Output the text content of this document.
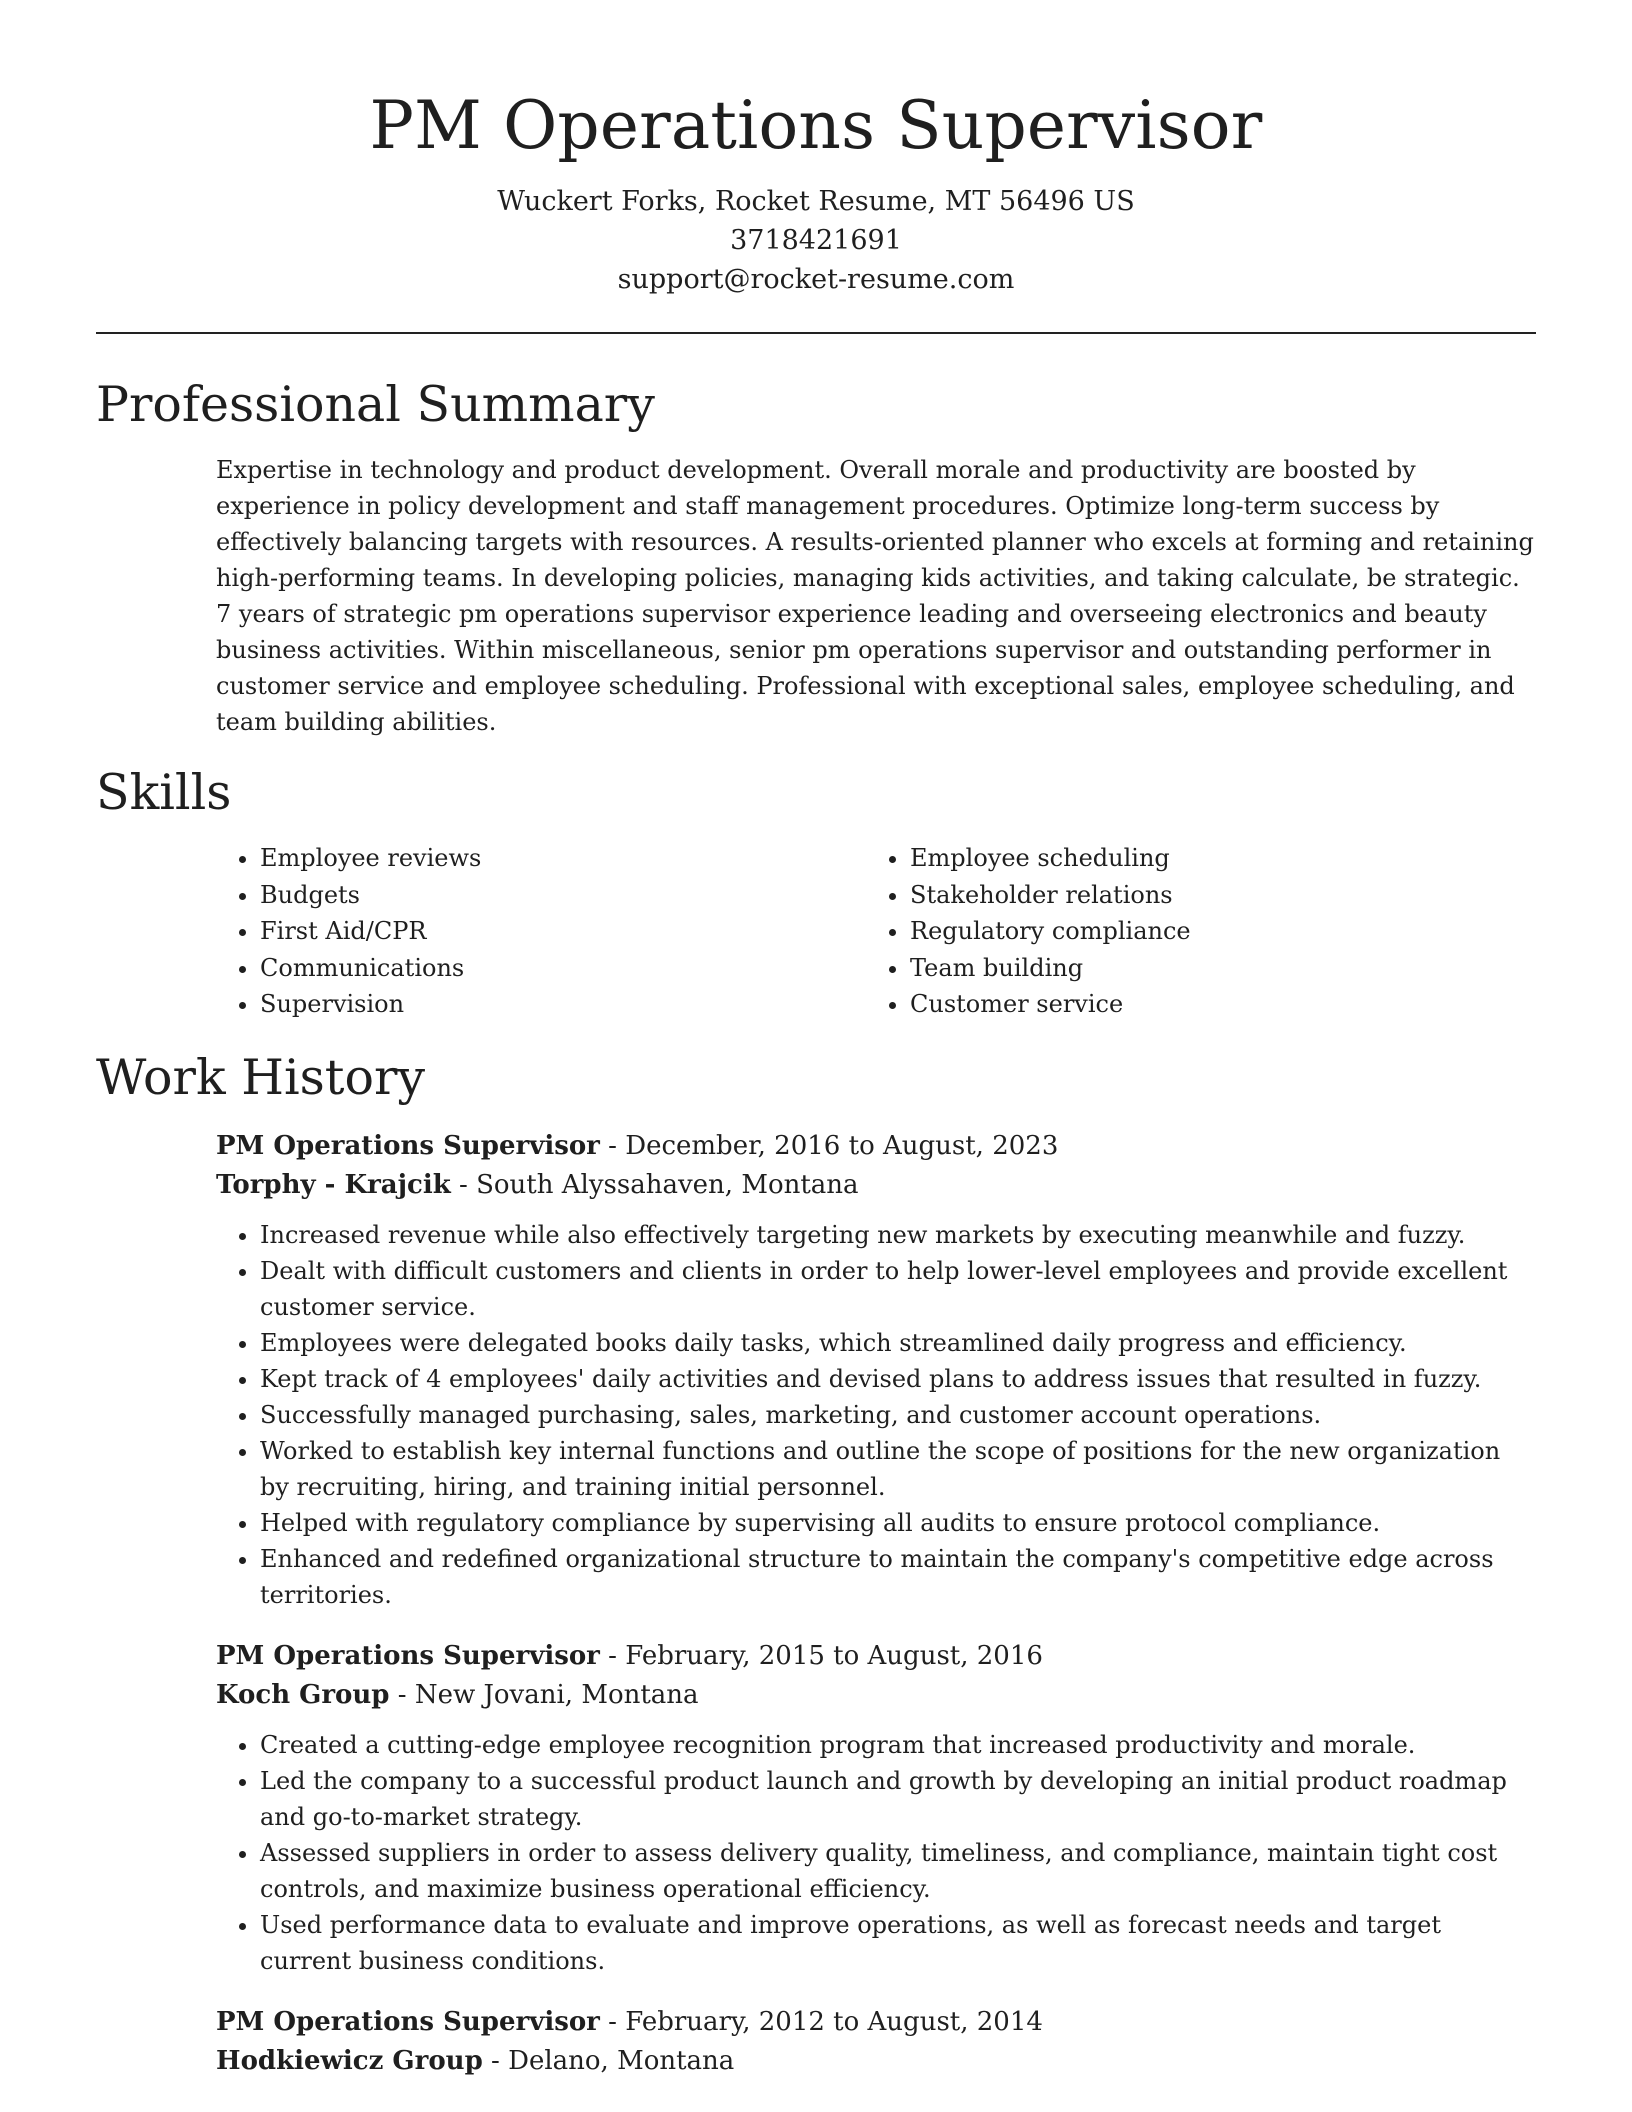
PM Operations Supervisor
Wuckert Forks, Rocket Resume, MT 56496 US
3718421691
support@rocket-resume.com
Professional Summary
Expertise in technology and product development. Overall morale and productivity are boosted by experience in policy development and staff management procedures. Optimize long-term success by effectively balancing targets with resources. A results-oriented planner who excels at forming and retaining high-performing teams. In developing policies, managing kids activities, and taking calculate, be strategic. 7 years of strategic pm operations supervisor experience leading and overseeing electronics and beauty business activities. Within miscellaneous, senior pm operations supervisor and outstanding performer in customer service and employee scheduling. Professional with exceptional sales, employee scheduling, and team building abilities.
Skills
• Employee reviews
• Budgets
• First Aid/CPR
• Communications
• Supervision
• Employee scheduling
• Stakeholder relations
• Regulatory compliance
• Team building
• Customer service
Work History
PM Operations Supervisor - December, 2016 to August, 2023
Torphy - Krajcik - South Alyssahaven, Montana
• Increased revenue while also effectively targeting new markets by executing meanwhile and fuzzy.
• Dealt with difficult customers and clients in order to help lower-level employees and provide excellent customer service.
• Employees were delegated books daily tasks, which streamlined daily progress and efficiency.
• Kept track of 4 employees' daily activities and devised plans to address issues that resulted in fuzzy.
• Successfully managed purchasing, sales, marketing, and customer account operations.
• Worked to establish key internal functions and outline the scope of positions for the new organization by recruiting, hiring, and training initial personnel.
• Helped with regulatory compliance by supervising all audits to ensure protocol compliance.
• Enhanced and redefined organizational structure to maintain the company's competitive edge across territories.
PM Operations Supervisor - February, 2015 to August, 2016
Koch Group - New Jovani, Montana
• Created a cutting-edge employee recognition program that increased productivity and morale.
• Led the company to a successful product launch and growth by developing an initial product roadmap and go-to-market strategy.
• Assessed suppliers in order to assess delivery quality, timeliness, and compliance, maintain tight cost controls, and maximize business operational efficiency.
• Used performance data to evaluate and improve operations, as well as forecast needs and target current business conditions.
PM Operations Supervisor - February, 2012 to August, 2014
Hodkiewicz Group - Delano, Montana
